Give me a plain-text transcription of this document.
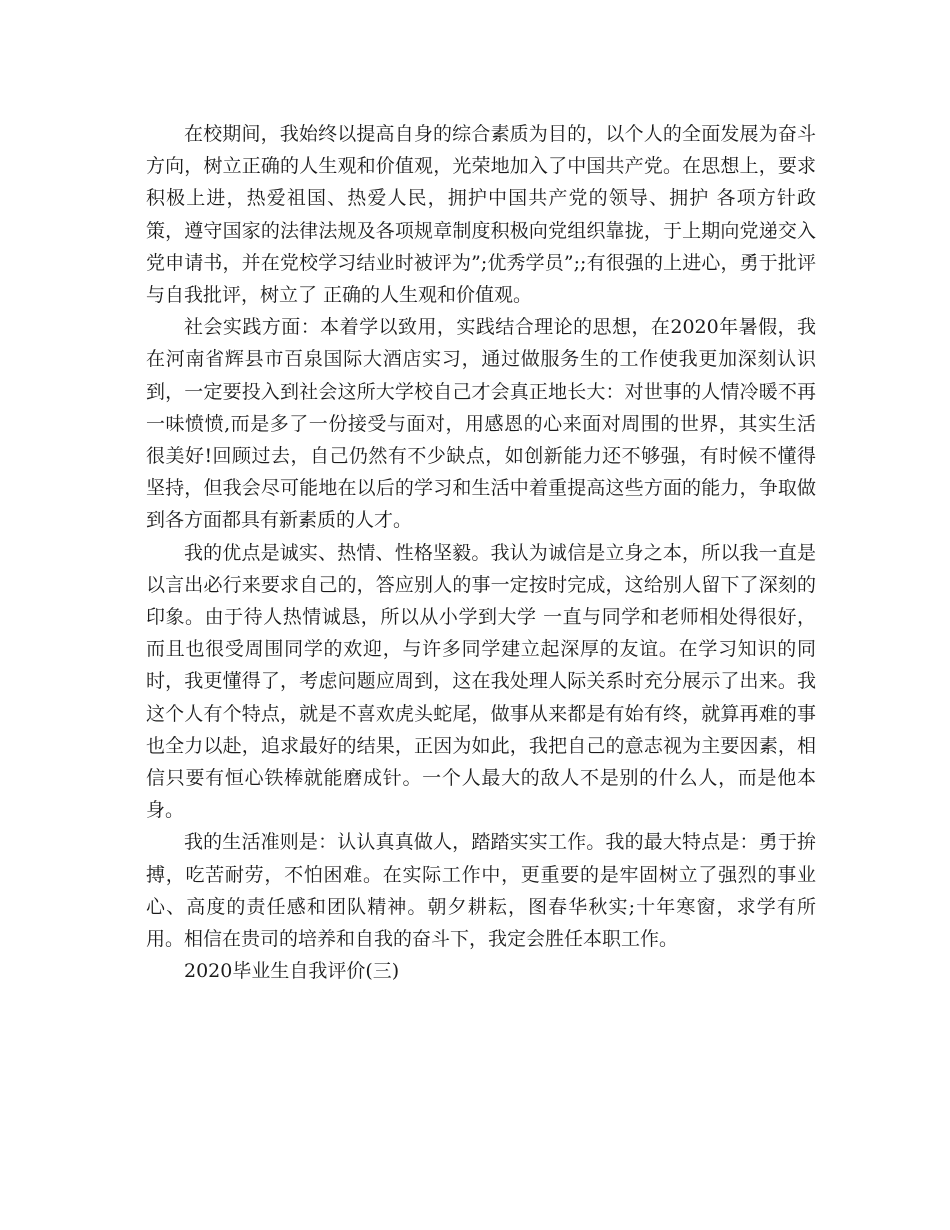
在校期间，我始终以提高自身的综合素质为目的，以个人的全面发展为奋斗方向，树立正确的人生观和价值观，光荣地加入了中国共产党。在思想上，要求积极上进，热爱祖国、热爱人民，拥护中国共产党的领导、拥护 各项方针政策，遵守国家的法律法规及各项规章制度积极向党组织靠拢，于上期向党递交入党申请书，并在党校学习结业时被评为”;优秀学员”;;有很强的上进心，勇于批评与自我批评，树立了 正确的人生观和价值观。

社会实践方面：本着学以致用，实践结合理论的思想，在2020年暑假，我在河南省辉县市百泉国际大酒店实习，通过做服务生的工作使我更加深刻认识到，一定要投入到社会这所大学校自己才会真正地长大：对世事的人情冷暖不再一味愤愤,而是多了一份接受与面对，用感恩的心来面对周围的世界，其实生活很美好!回顾过去，自己仍然有不少缺点，如创新能力还不够强，有时候不懂得坚持，但我会尽可能地在以后的学习和生活中着重提高这些方面的能力，争取做到各方面都具有新素质的人才。

我的优点是诚实、热情、性格坚毅。我认为诚信是立身之本，所以我一直是以言出必行来要求自己的，答应别人的事一定按时完成，这给别人留下了深刻的印象。由于待人热情诚恳，所以从小学到大学 一直与同学和老师相处得很好，而且也很受周围同学的欢迎，与许多同学建立起深厚的友谊。在学习知识的同时，我更懂得了，考虑问题应周到，这在我处理人际关系时充分展示了出来。我这个人有个特点，就是不喜欢虎头蛇尾，做事从来都是有始有终，就算再难的事也全力以赴，追求最好的结果，正因为如此，我把自己的意志视为主要因素，相信只要有恒心铁棒就能磨成针。一个人最大的敌人不是别的什么人，而是他本身。

我的生活准则是：认认真真做人，踏踏实实工作。我的最大特点是：勇于拚搏，吃苦耐劳，不怕困难。在实际工作中，更重要的是牢固树立了强烈的事业心、高度的责任感和团队精神。朝夕耕耘，图春华秋实;十年寒窗，求学有所用。相信在贵司的培养和自我的奋斗下，我定会胜任本职工作。

2020毕业生自我评价(三)
